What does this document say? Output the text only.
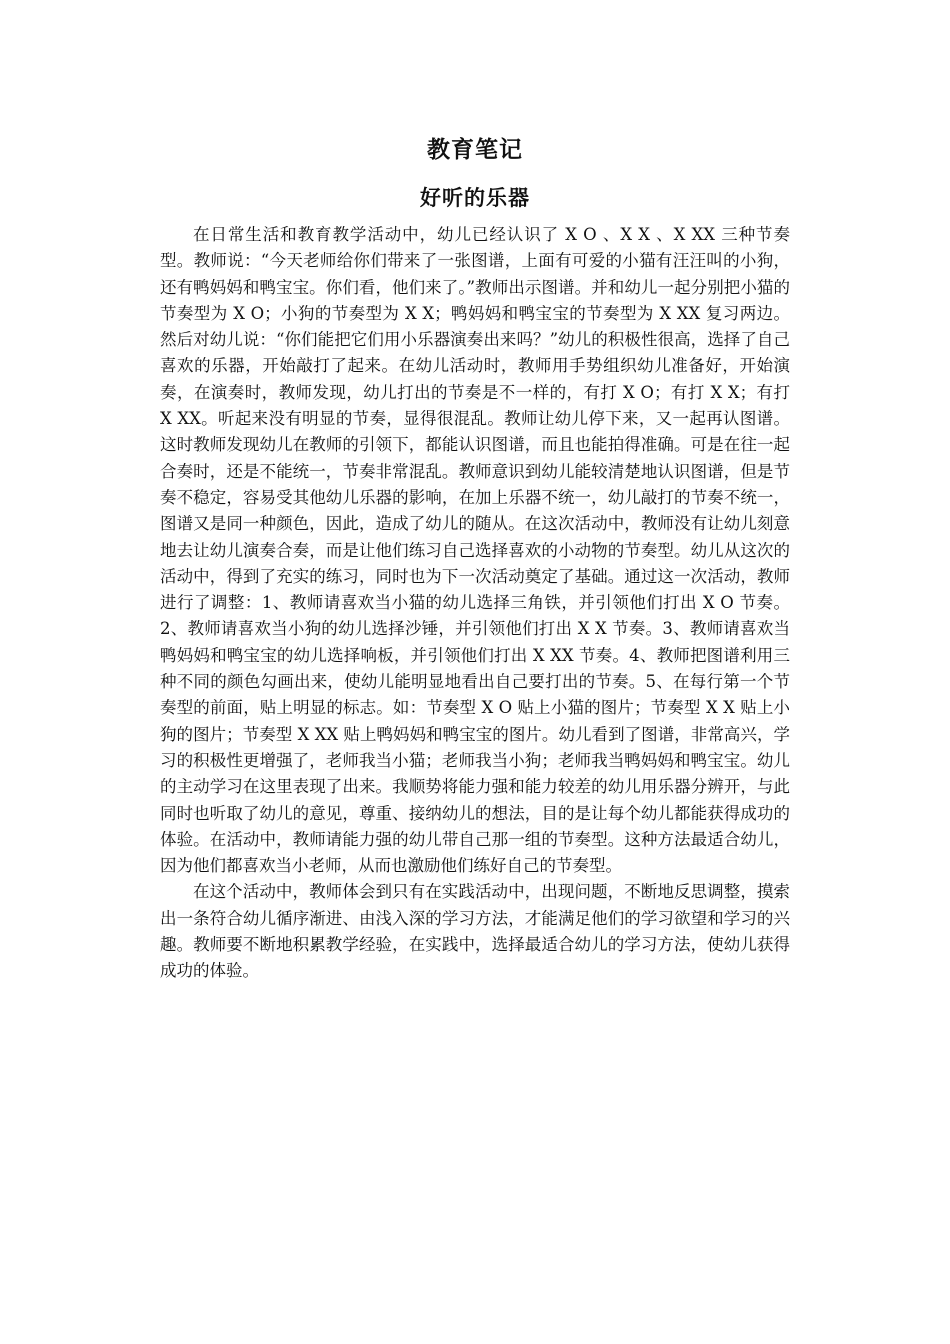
教育笔记
好听的乐器

在日常生活和教育教学活动中，幼儿已经认识了 X O 、X X 、X XX 三种节奏型。教师说：“今天老师给你们带来了一张图谱，上面有可爱的小猫有汪汪叫的小狗，还有鸭妈妈和鸭宝宝。你们看，他们来了。”教师出示图谱。并和幼儿一起分别把小猫的节奏型为 X O；小狗的节奏型为 X X；鸭妈妈和鸭宝宝的节奏型为 X XX 复习两边。然后对幼儿说：“你们能把它们用小乐器演奏出来吗？”幼儿的积极性很高，选择了自己喜欢的乐器，开始敲打了起来。在幼儿活动时，教师用手势组织幼儿准备好，开始演奏，在演奏时，教师发现，幼儿打出的节奏是不一样的，有打 X O；有打 X X；有打 X XX。听起来没有明显的节奏，显得很混乱。教师让幼儿停下来，又一起再认图谱。这时教师发现幼儿在教师的引领下，都能认识图谱，而且也能拍得准确。可是在往一起合奏时，还是不能统一，节奏非常混乱。教师意识到幼儿能较清楚地认识图谱，但是节奏不稳定，容易受其他幼儿乐器的影响，在加上乐器不统一，幼儿敲打的节奏不统一，图谱又是同一种颜色，因此，造成了幼儿的随从。在这次活动中，教师没有让幼儿刻意地去让幼儿演奏合奏，而是让他们练习自己选择喜欢的小动物的节奏型。幼儿从这次的活动中，得到了充实的练习，同时也为下一次活动奠定了基础。通过这一次活动，教师进行了调整：1、教师请喜欢当小猫的幼儿选择三角铁，并引领他们打出 X O 节奏。2、教师请喜欢当小狗的幼儿选择沙锤，并引领他们打出 X X 节奏。3、教师请喜欢当鸭妈妈和鸭宝宝的幼儿选择响板，并引领他们打出 X XX 节奏。4、教师把图谱利用三种不同的颜色勾画出来，使幼儿能明显地看出自己要打出的节奏。5、在每行第一个节奏型的前面，贴上明显的标志。如：节奏型 X O 贴上小猫的图片；节奏型 X X 贴上小狗的图片；节奏型 X XX 贴上鸭妈妈和鸭宝宝的图片。幼儿看到了图谱，非常高兴，学习的积极性更增强了，老师我当小猫；老师我当小狗；老师我当鸭妈妈和鸭宝宝。幼儿的主动学习在这里表现了出来。我顺势将能力强和能力较差的幼儿用乐器分辨开，与此同时也听取了幼儿的意见，尊重、接纳幼儿的想法，目的是让每个幼儿都能获得成功的体验。在活动中，教师请能力强的幼儿带自己那一组的节奏型。这种方法最适合幼儿，因为他们都喜欢当小老师，从而也激励他们练好自己的节奏型。

在这个活动中，教师体会到只有在实践活动中，出现问题，不断地反思调整，摸索出一条符合幼儿循序渐进、由浅入深的学习方法，才能满足他们的学习欲望和学习的兴趣。教师要不断地积累教学经验，在实践中，选择最适合幼儿的学习方法，使幼儿获得成功的体验。
